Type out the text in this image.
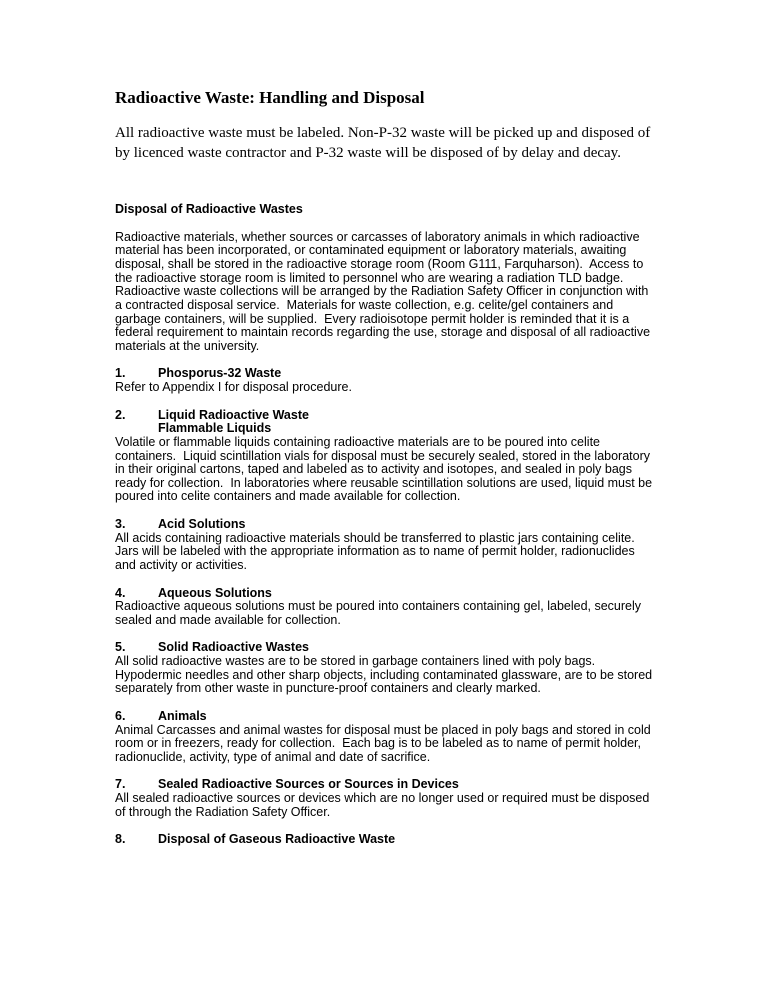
Radioactive Waste: Handling and Disposal

All radioactive waste must be labeled. Non-P-32 waste will be picked up and disposed of by licenced waste contractor and P-32 waste will be disposed of by delay and decay.

Disposal of Radioactive Wastes

Radioactive materials, whether sources or carcasses of laboratory animals in which radioactive material has been incorporated, or contaminated equipment or laboratory materials, awaiting disposal, shall be stored in the radioactive storage room (Room G111, Farquharson).  Access to the radioactive storage room is limited to personnel who are wearing a radiation TLD badge. Radioactive waste collections will be arranged by the Radiation Safety Officer in conjunction with a contracted disposal service.  Materials for waste collection, e.g. celite/gel containers and garbage containers, will be supplied.  Every radioisotope permit holder is reminded that it is a federal requirement to maintain records regarding the use, storage and disposal of all radioactive materials at the university.

1.	Phosporus-32 Waste
Refer to Appendix I for disposal procedure.
2.	Liquid Radioactive Waste
Flammable Liquids
Volatile or flammable liquids containing radioactive materials are to be poured into celite containers.  Liquid scintillation vials for disposal must be securely sealed, stored in the laboratory in their original cartons, taped and labeled as to activity and isotopes, and sealed in poly bags ready for collection.  In laboratories where reusable scintillation solutions are used, liquid must be poured into celite containers and made available for collection.
3.	Acid Solutions
All acids containing radioactive materials should be transferred to plastic jars containing celite. Jars will be labeled with the appropriate information as to name of permit holder, radionuclides and activity or activities.
4.	Aqueous Solutions
Radioactive aqueous solutions must be poured into containers containing gel, labeled, securely sealed and made available for collection.
5.	Solid Radioactive Wastes
All solid radioactive wastes are to be stored in garbage containers lined with poly bags. Hypodermic needles and other sharp objects, including contaminated glassware, are to be stored separately from other waste in puncture-proof containers and clearly marked.
6.	Animals
Animal Carcasses and animal wastes for disposal must be placed in poly bags and stored in cold room or in freezers, ready for collection.  Each bag is to be labeled as to name of permit holder, radionuclide, activity, type of animal and date of sacrifice.
7.	Sealed Radioactive Sources or Sources in Devices
All sealed radioactive sources or devices which are no longer used or required must be disposed of through the Radiation Safety Officer.
8.	Disposal of Gaseous Radioactive Waste
